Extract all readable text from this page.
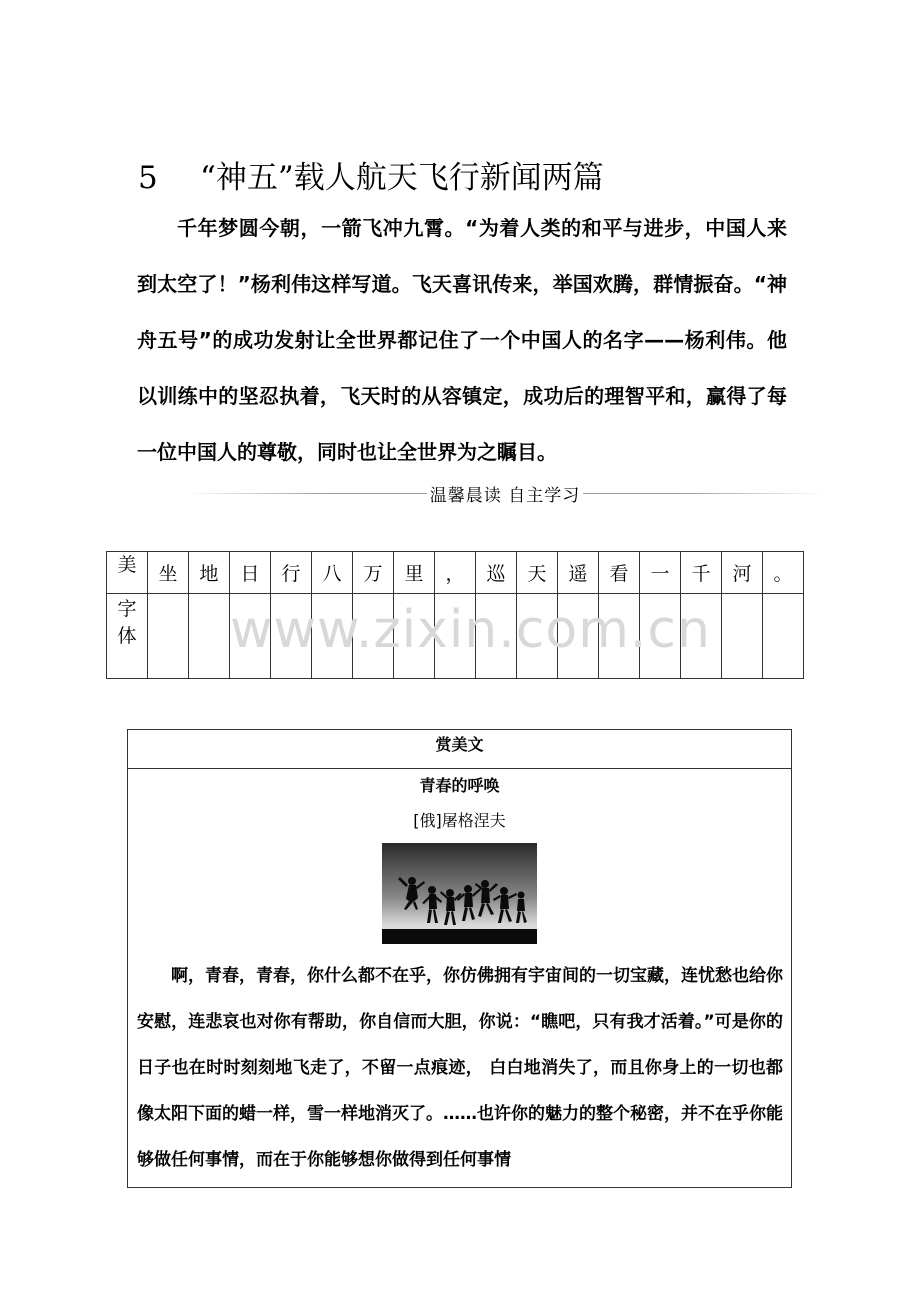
5 “神五”载人航天飞行新闻两篇

千年梦圆今朝，一箭飞冲九霄。“为着人类的和平与进步，中国人来到太空了！”杨利伟这样写道。飞天喜讯传来，举国欢腾，群情振奋。“神舟五号”的成功发射让全世界都记住了一个中国人的名字——杨利伟。他以训练中的坚忍执着，飞天时的从容镇定，成功后的理智平和，赢得了每一位中国人的尊敬，同时也让全世界为之瞩目。

温馨晨读 自主学习
美	坐	地	日	行	八	万	里	，	巡	天	遥	看	一	千	河	。
字体																www.zixin.com.cn
赏美文
青春的呼唤
[俄]屠格涅夫

啊，青春，青春，你什么都不在乎，你仿佛拥有宇宙间的一切宝藏，连忧愁也给你安慰，连悲哀也对你有帮助，你自信而大胆，你说：“瞧吧，只有我才活着。”可是你的日子也在时时刻刻地飞走了，不留一点痕迹， 白白地消失了，而且你身上的一切也都像太阳下面的蜡一样，雪一样地消灭了。……也许你的魅力的整个秘密，并不在乎你能够做任何事情，而在于你能够想你做得到任何事情
